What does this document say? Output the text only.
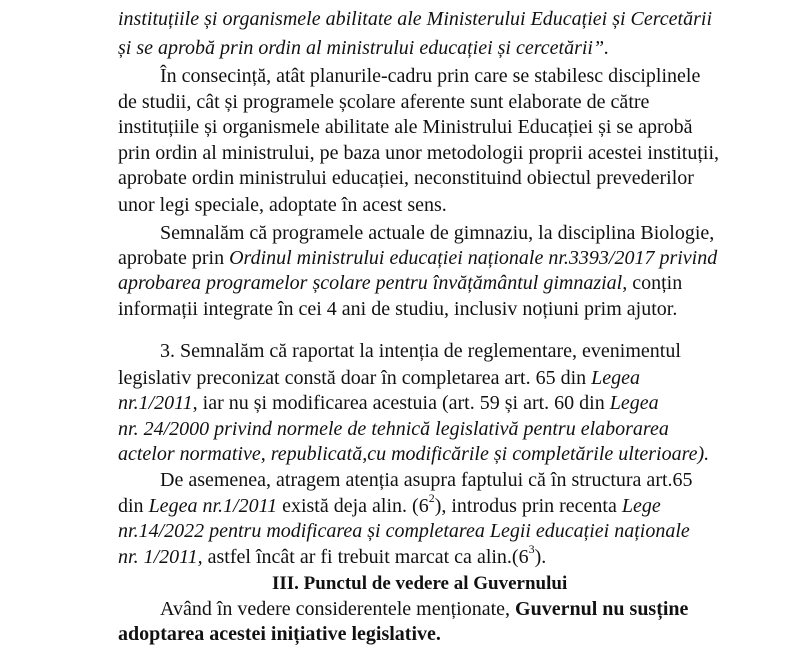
instituțiile și organismele abilitate ale Ministerului Educației și Cercetării

și se aprobă prin ordin al ministrului educației și cercetării”.

În consecință, atât planurile-cadru prin care se stabilesc disciplinele

de studii, cât și programele școlare aferente sunt elaborate de către

instituțiile și organismele abilitate ale Ministrului Educației și se aprobă

prin ordin al ministrului, pe baza unor metodologii proprii acestei instituții,

aprobate ordin ministrului educației, neconstituind obiectul prevederilor

unor legi speciale, adoptate în acest sens.

Semnalăm că programele actuale de gimnaziu, la disciplina Biologie,

aprobate prin Ordinul ministrului educației naționale nr.3393/2017 privind

aprobarea programelor școlare pentru învățământul gimnazial, conțin

informații integrate în cei 4 ani de studiu, inclusiv noțiuni prim ajutor.

3. Semnalăm că raportat la intenția de reglementare, evenimentul

legislativ preconizat constă doar în completarea art. 65 din Legea

nr.1/2011, iar nu și modificarea acestuia (art. 59 și art. 60 din Legea

nr. 24/2000 privind normele de tehnică legislativă pentru elaborarea

actelor normative, republicată,cu modificările și completările ulterioare).

De asemenea, atragem atenția asupra faptului că în structura art.65

din Legea nr.1/2011 există deja alin. $(6^2)$, introdus prin recenta Lege

nr.14/2022 pentru modificarea și completarea Legii educației naționale

nr. 1/2011, astfel încât ar fi trebuit marcat ca $alin.(6^3)$.

III. Punctul de vedere al Guvernului

Având în vedere considerentele menționate, Guvernul nu susține

adoptarea acestei inițiative legislative.
